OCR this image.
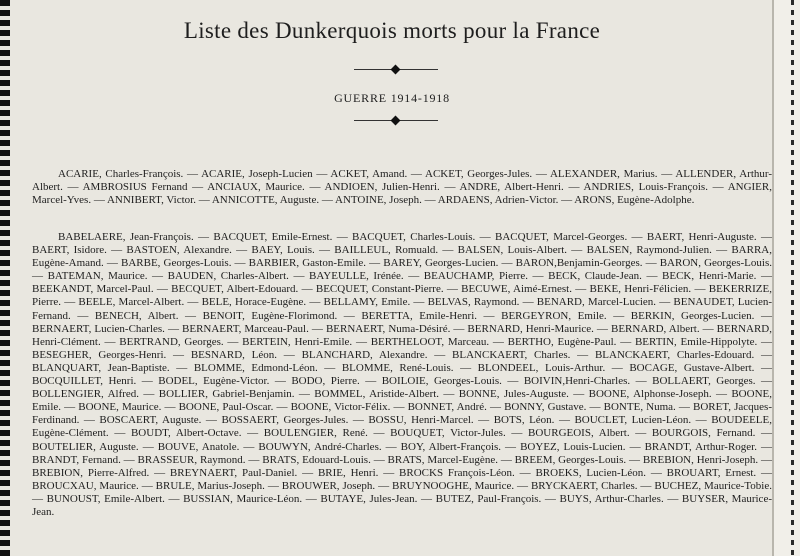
Liste des Dunkerquois morts pour la France
GUERRE 1914-1918

ACARIE, Charles-François. — ACARIE, Joseph-Lucien — ACKET, Amand. — ACKET, Georges-Jules. — ALEXANDER, Marius. — ALLENDER, Arthur-Albert. — AMBROSIUS Fernand — ANCIAUX, Maurice. — ANDIOEN, Julien-Henri. — ANDRE, Albert-Henri. — ANDRIES, Louis-François. — ANGIER, Marcel-Yves. — ANNIBERT, Victor. — ANNICOTTE, Auguste. — ANTOINE, Joseph. — ARDAENS, Adrien-Victor. — ARONS, Eugène-Adolphe.

BABELAERE, Jean-François. — BACQUET, Emile-Ernest. — BACQUET, Charles-Louis. — BACQUET, Marcel-Georges. — BAERT, Henri-Auguste. — BAERT, Isidore. — BASTOEN, Alexandre. — BAEY, Louis. — BAILLEUL, Romuald. — BALSEN, Louis-Albert. — BALSEN, Raymond-Julien. — BARRA, Eugène-Amand. — BARBE, Georges-Louis. — BARBIER, Gaston-Emile. — BAREY, Georges-Lucien. — BARON,Benjamin-Georges. — BARON, Georges-Louis. — BATEMAN, Maurice. — BAUDEN, Charles-Albert. — BAYEULLE, Irénée. — BEAUCHAMP, Pierre. — BECK, Claude-Jean. — BECK, Henri-Marie. — BEEKANDT, Marcel-Paul. — BECQUET, Albert-Edouard. — BECQUET, Constant-Pierre. — BECUWE, Aimé-Ernest. — BEKE, Henri-Félicien. — BEKERRIZE, Pierre. — BEELE, Marcel-Albert. — BELE, Horace-Eugène. — BELLAMY, Emile. — BELVAS, Raymond. — BENARD, Marcel-Lucien. — BENAUDET, Lucien-Fernand. — BENECH, Albert. — BENOIT, Eugène-Florimond. — BERETTA, Emile-Henri. — BERGEYRON, Emile. — BERKIN, Georges-Lucien. — BERNAERT, Lucien-Charles. — BERNAERT, Marceau-Paul. — BERNAERT, Numa-Désiré. — BERNARD, Henri-Maurice. — BERNARD, Albert. — BERNARD, Henri-Clément. — BERTRAND, Georges. — BERTEIN, Henri-Emile. — BERTHELOOT, Marceau. — BERTHO, Eugène-Paul. — BERTIN, Emile-Hippolyte. — BESEGHER, Georges-Henri. — BESNARD, Léon. — BLANCHARD, Alexandre. — BLANCKAERT, Charles. — BLANCKAERT, Charles-Edouard. — BLANQUART, Jean-Baptiste. — BLOMME, Edmond-Léon. — BLOMME, René-Louis. — BLONDEEL, Louis-Arthur. — BOCAGE, Gustave-Albert. — BOCQUILLET, Henri. — BODEL, Eugène-Victor. — BODO, Pierre. — BOILOIE, Georges-Louis. — BOIVIN,Henri-Charles. — BOLLAERT, Georges. — BOLLENGIER, Alfred. — BOLLIER, Gabriel-Benjamin. — BOMMEL, Aristide-Albert. — BONNE, Jules-Auguste. — BOONE, Alphonse-Joseph. — BOONE, Emile. — BOONE, Maurice. — BOONE, Paul-Oscar. — BOONE, Victor-Félix. — BONNET, André. — BONNY, Gustave. — BONTE, Numa. — BORET, Jacques-Ferdinand. — BOSCAERT, Auguste. — BOSSAERT, Georges-Jules. — BOSSU, Henri-Marcel. — BOTS, Léon. — BOUCLET, Lucien-Léon. — BOUDEELE, Eugène-Clément. — BOUDT, Albert-Octave. — BOULENGIER, René. — BOUQUET, Victor-Jules. — BOURGEOIS, Albert. — BOURGOIS, Fernand. — BOUTELIER, Auguste. — BOUVE, Anatole. — BOUWYN, André-Charles. — BOY, Albert-François. — BOYEZ, Louis-Lucien. — BRANDT, Arthur-Roger. — BRANDT, Fernand. — BRASSEUR, Raymond. — BRATS, Edouard-Louis. — BRATS, Marcel-Eugène. — BREEM, Georges-Louis. — BREBION, Henri-Joseph. — BREBION, Pierre-Alfred. — BREYNAERT, Paul-Daniel. — BRIE, Henri. — BROCKS François-Léon. — BROEKS, Lucien-Léon. — BROUART, Ernest. — BROUCXAU, Maurice. — BRULE, Marius-Joseph. — BROUWER, Joseph. — BRUYNOOGHE, Maurice. — BRYCKAERT, Charles. — BUCHEZ, Maurice-Tobie. — BUNOUST, Emile-Albert. — BUSSIAN, Maurice-Léon. — BUTAYE, Jules-Jean. — BUTEZ, Paul-François. — BUYS, Arthur-Charles. — BUYSER, Maurice-Jean.
